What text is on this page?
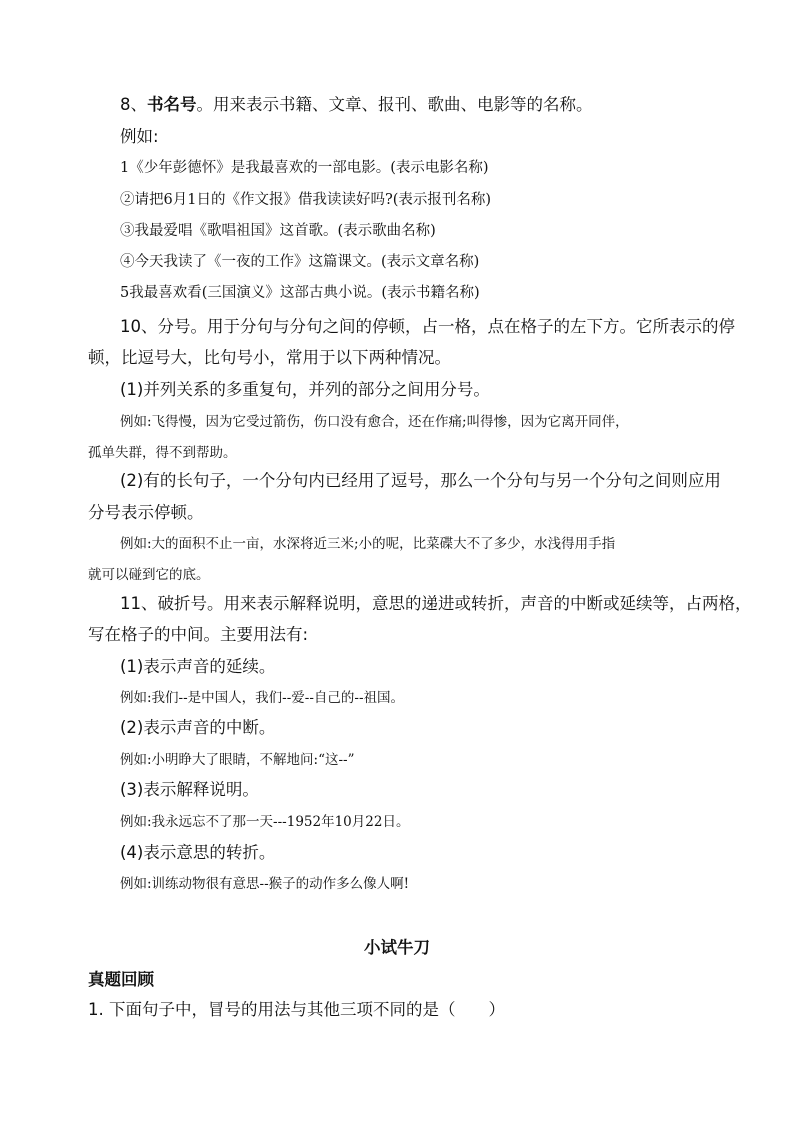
8、书名号。用来表示书籍、文章、报刊、歌曲、电影等的名称。
例如:
1《少年彭德怀》是我最喜欢的一部电影。(表示电影名称)
②请把6月1日的《作文报》借我读读好吗?(表示报刊名称)
③我最爱唱《歌唱祖国》这首歌。(表示歌曲名称)
④今天我读了《一夜的工作》这篇课文。(表示文章名称)
5我最喜欢看(三国演义》这部古典小说。(表示书籍名称)
10、分号。用于分句与分句之间的停顿，占一格，点在格子的左下方。它所表示的停
顿，比逗号大，比句号小，常用于以下两种情况。
(1)并列关系的多重复句，并列的部分之间用分号。
例如:飞得慢，因为它受过箭伤，伤口没有愈合，还在作痛;叫得惨，因为它离开同伴，
孤单失群，得不到帮助。
(2)有的长句子，一个分句内已经用了逗号，那么一个分句与另一个分句之间则应用
分号表示停顿。
例如:大的面积不止一亩，水深将近三米;小的呢，比菜碟大不了多少，水浅得用手指
就可以碰到它的底。
11、破折号。用来表示解释说明，意思的递进或转折，声音的中断或延续等，占两格，
写在格子的中间。主要用法有:
(1)表示声音的延续。
例如:我们--是中国人，我们--爱--自己的--祖国。
(2)表示声音的中断。
例如:小明睁大了眼睛，不解地问:“这--”
(3)表示解释说明。
例如:我永远忘不了那一天---1952年10月22日。
(4)表示意思的转折。
例如:训练动物很有意思--猴子的动作多么像人啊!
小试牛刀
真题回顾
1. 下面句子中，冒号的用法与其他三项不同的是（　　）
